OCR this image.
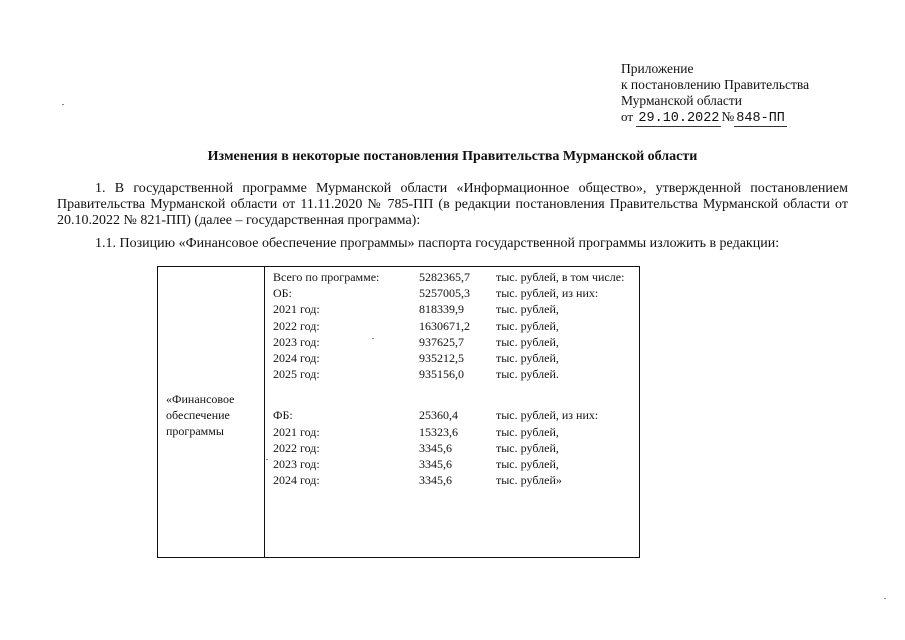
Приложение
к постановлению Правительства
Мурманской области
от 29.10.2022 № 848-ПП
Изменения в некоторые постановления Правительства Мурманской области
1. В государственной программе Мурманской области «Информационное общество», утвержденной постановлением Правительства Мурманской области от 11.11.2020 № 785-ПП (в редакции постановления Правительства Мурманской области от 20.10.2022 № 821-ПП) (далее – государственная программа):
1.1. Позицию «Финансовое обеспечение программы» паспорта государственной программы изложить в редакции:
«Финансовое обеспечение программы
Всего по программе:	5282365,7 тыс. рублей, в том числе:
ОБ:	5257005,3 тыс. рублей, из них:
2021 год:	818339,9	тыс. рублей,
2022 год:	1630671,2 тыс. рублей,
2023 год:	937625,7	тыс. рублей,
2024 год:	935212,5	тыс. рублей,
2025 год:	935156,0	тыс. рублей.
ФБ:	25360,4	тыс. рублей, из них:
2021 год:	15323,6	тыс. рублей,
2022 год:	3345,6	тыс. рублей,
2023 год:	3345,6	тыс. рублей,
2024 год:	3345,6	тыс. рублей»
